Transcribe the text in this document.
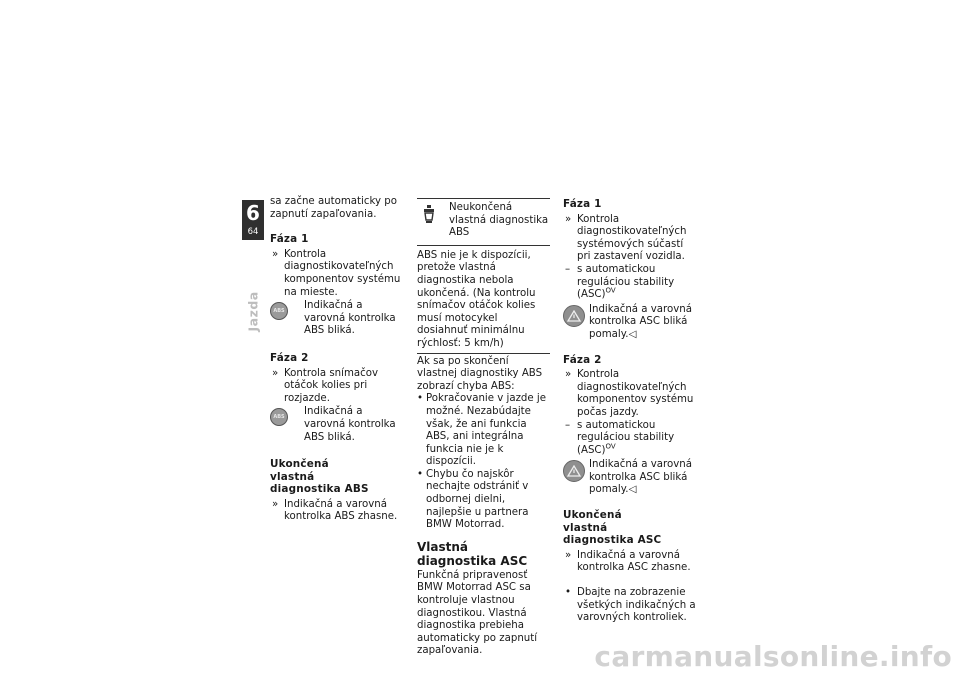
6
64
Jazda

sa začne automaticky po zapnutí zapaľovania.

Fáza 1

» Kontrola diagnostikovateľných komponentov systému na mieste.

ABS	Indikačná a varovná kontrolka ABS bliká.
Fáza 2

» Kontrola snímačov otáčok kolies pri rozjazde.

ABS	Indikačná a varovná kontrolka ABS bliká.
Ukončená vlastná diagnostika ABS

» Indikačná a varovná kontrolka ABS zhasne.

Neukončená vlastná diagnostika ABS

ABS nie je k dispozícii, pretože vlastná diagnostika nebola ukončená. (Na kontrolu snímačov otáčok kolies musí motocykel dosiahnuť minimálnu rýchlosť: 5 km/h)

Ak sa po skončení vlastnej diagnostiky ABS zobrazí chyba ABS:

• Pokračovanie v jazde je možné. Nezabúdajte však, že ani funkcia ABS, ani integrálna funkcia nie je k dispozícii.

• Chybu čo najskôr nechajte odstrániť v odbornej dielni, najlepšie u partnera BMW Motorrad.

Vlastná diagnostika ASC

Funkčná pripravenosť BMW Motorrad ASC sa kontroluje vlastnou diagnostikou. Vlastná diagnostika prebieha automaticky po zapnutí zapaľovania.

Fáza 1

» Kontrola diagnostikovateľných systémových súčastí pri zastavení vozidla.

– s automatickou reguláciou stability (ASC)$^{OV}$

Indikačná a varovná kontrolka ASC bliká pomaly.◁
Fáza 2

» Kontrola diagnostikovateľných komponentov systému počas jazdy.

– s automatickou reguláciou stability (ASC)$^{OV}$

Indikačná a varovná kontrolka ASC bliká pomaly.◁
Ukončená vlastná diagnostika ASC

» Indikačná a varovná kontrolka ASC zhasne.

• Dbajte na zobrazenie všetkých indikačných a varovných kontroliek.

carmanualsonline.info
